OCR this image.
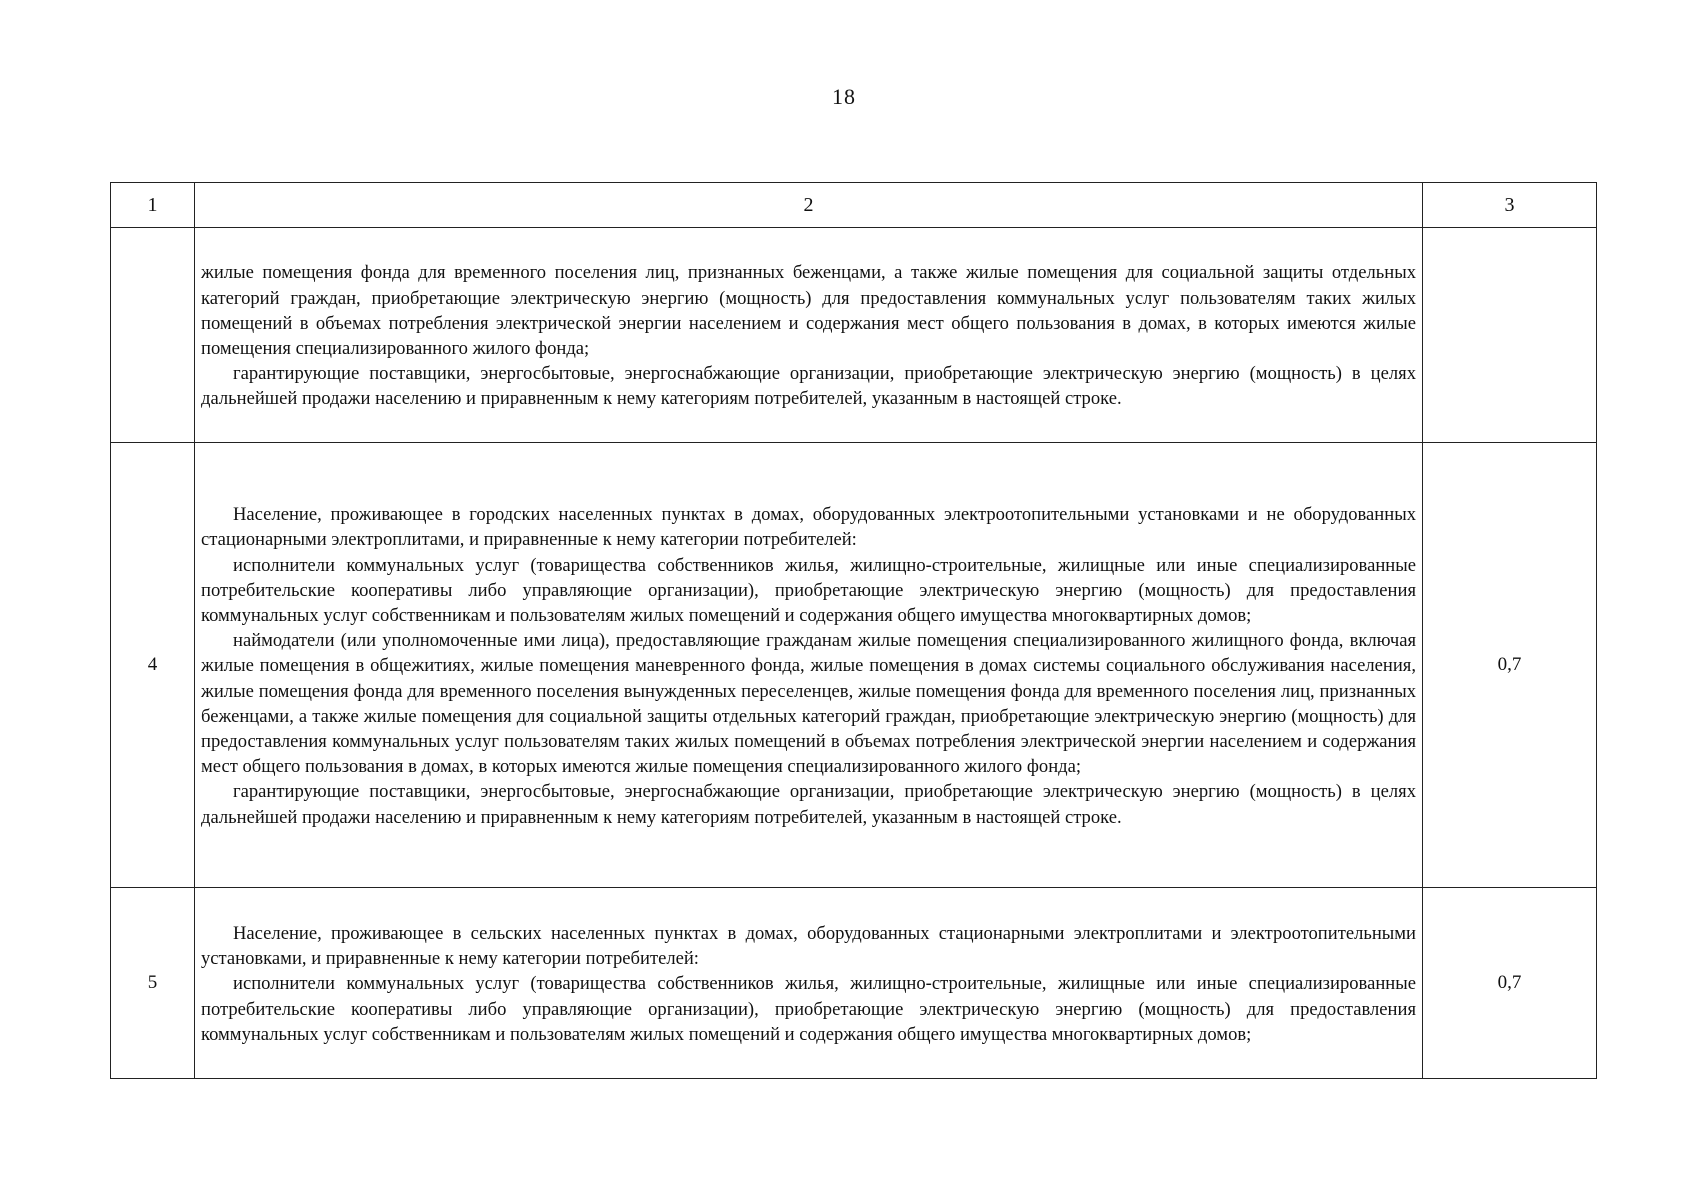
18
1	2	3

	жилые помещения фонда для временного поселения лиц, признанных беженцами, а также жилые помещения для социальной защиты отдельных категорий граждан, приобретающие электрическую энергию (мощность) для предоставления коммунальных услуг пользователям таких жилых помещений в объемах потребления электрической энергии населением и содержания мест общего пользования в домах, в которых имеются жилые помещения специализированного жилого фонда;

гарантирующие поставщики, энергосбытовые, энергоснабжающие организации, приобретающие электрическую энергию (мощность) в целях дальнейшей продажи населению и приравненным к нему категориям потребителей, указанным в настоящей строке.	

4	Население, проживающее в городских населенных пунктах в домах, оборудованных электроотопительными установками и не оборудованных стационарными электроплитами, и приравненные к нему категории потребителей:

исполнители коммунальных услуг (товарищества собственников жилья, жилищно-строительные, жилищные или иные специализированные потребительские кооперативы либо управляющие организации), приобретающие электрическую энергию (мощность) для предоставления коммунальных услуг собственникам и пользователям жилых помещений и содержания общего имущества многоквартирных домов;

наймодатели (или уполномоченные ими лица), предоставляющие гражданам жилые помещения специализированного жилищного фонда, включая жилые помещения в общежитиях, жилые помещения маневренного фонда, жилые помещения в домах системы социального обслуживания населения, жилые помещения фонда для временного поселения вынужденных переселенцев, жилые помещения фонда для временного поселения лиц, признанных беженцами, а также жилые помещения для социальной защиты отдельных категорий граждан, приобретающие электрическую энергию (мощность) для предоставления коммунальных услуг пользователям таких жилых помещений в объемах потребления электрической энергии населением и содержания мест общего пользования в домах, в которых имеются жилые помещения специализированного жилого фонда;

гарантирующие поставщики, энергосбытовые, энергоснабжающие организации, приобретающие электрическую энергию (мощность) в целях дальнейшей продажи населению и приравненным к нему категориям потребителей, указанным в настоящей строке.	0,7
5	Население, проживающее в сельских населенных пунктах в домах, оборудованных стационарными электроплитами и электроотопительными установками, и приравненные к нему категории потребителей:

исполнители коммунальных услуг (товарищества собственников жилья, жилищно-строительные, жилищные или иные специализированные потребительские кооперативы либо управляющие организации), приобретающие электрическую энергию (мощность) для предоставления коммунальных услуг собственникам и пользователям жилых помещений и содержания общего имущества многоквартирных домов;	0,7
